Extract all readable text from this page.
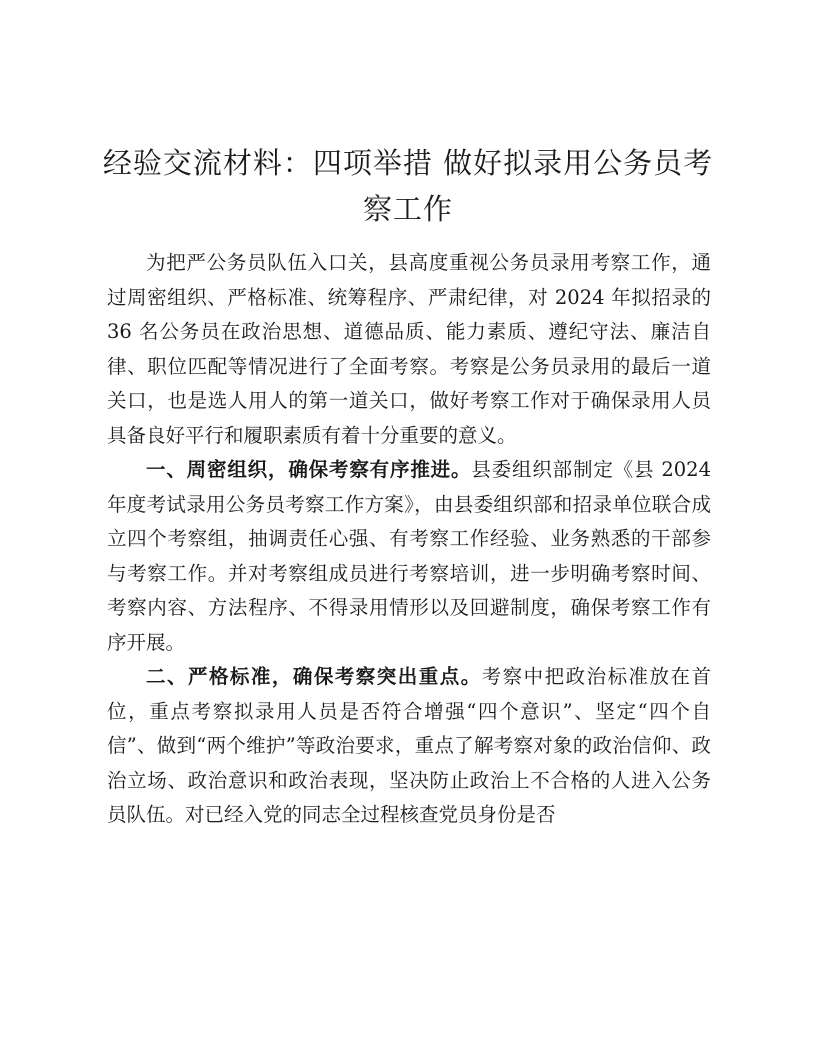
经验交流材料：四项举措 做好拟录用公务员考察工作

为把严公务员队伍入口关，县高度重视公务员录用考察工作，通过周密组织、严格标准、统筹程序、严肃纪律，对 2024 年拟招录的 36 名公务员在政治思想、道德品质、能力素质、遵纪守法、廉洁自律、职位匹配等情况进行了全面考察。考察是公务员录用的最后一道关口，也是选人用人的第一道关口，做好考察工作对于确保录用人员具备良好平行和履职素质有着十分重要的意义。

一、周密组织，确保考察有序推进。县委组织部制定《县 2024 年度考试录用公务员考察工作方案》，由县委组织部和招录单位联合成立四个考察组，抽调责任心强、有考察工作经验、业务熟悉的干部参与考察工作。并对考察组成员进行考察培训，进一步明确考察时间、考察内容、方法程序、不得录用情形以及回避制度，确保考察工作有序开展。

二、严格标准，确保考察突出重点。考察中把政治标准放在首位，重点考察拟录用人员是否符合增强“四个意识”、坚定“四个自信”、做到“两个维护”等政治要求，重点了解考察对象的政治信仰、政治立场、政治意识和政治表现，坚决防止政治上不合格的人进入公务员队伍。对已经入党的同志全过程核查党员身份是否
